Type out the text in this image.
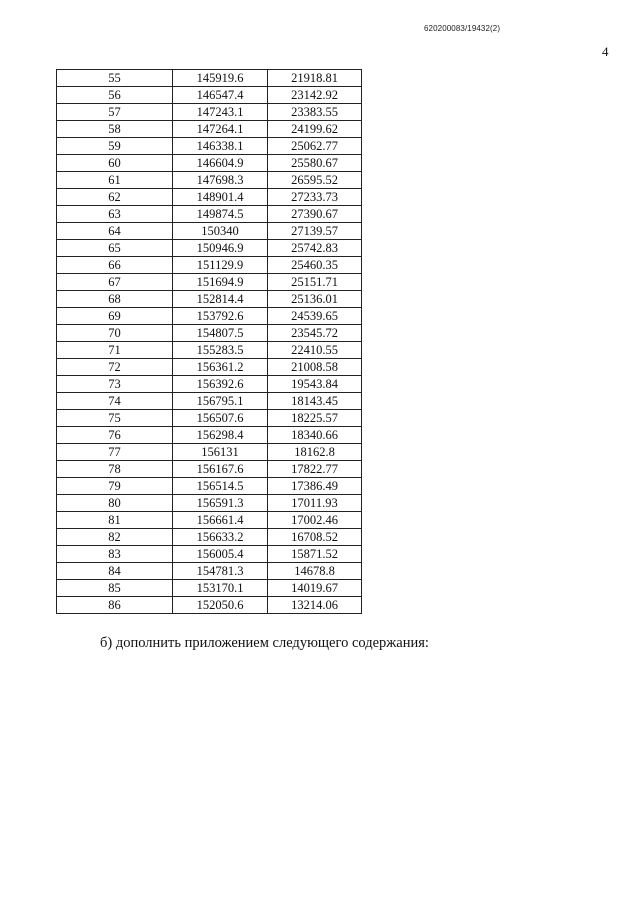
620200083/19432(2)
4
55	145919.6	21918.81
56	146547.4	23142.92
57	147243.1	23383.55
58	147264.1	24199.62
59	146338.1	25062.77
60	146604.9	25580.67
61	147698.3	26595.52
62	148901.4	27233.73
63	149874.5	27390.67
64	150340	27139.57
65	150946.9	25742.83
66	151129.9	25460.35
67	151694.9	25151.71
68	152814.4	25136.01
69	153792.6	24539.65
70	154807.5	23545.72
71	155283.5	22410.55
72	156361.2	21008.58
73	156392.6	19543.84
74	156795.1	18143.45
75	156507.6	18225.57
76	156298.4	18340.66
77	156131	18162.8
78	156167.6	17822.77
79	156514.5	17386.49
80	156591.3	17011.93
81	156661.4	17002.46
82	156633.2	16708.52
83	156005.4	15871.52
84	154781.3	14678.8
85	153170.1	14019.67
86	152050.6	13214.06
б) дополнить приложением следующего содержания:
